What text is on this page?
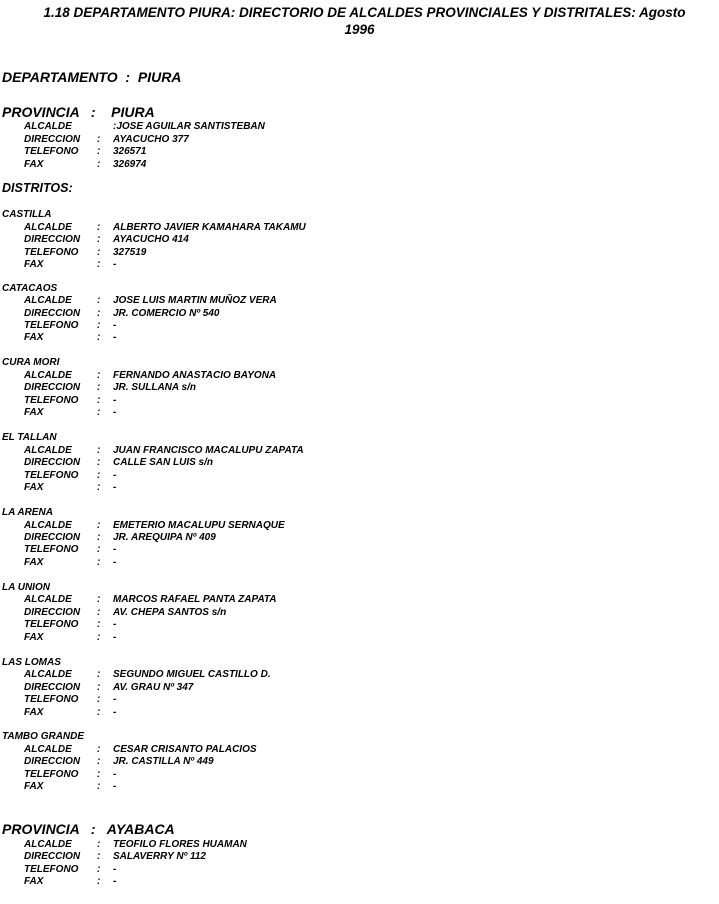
1.18 DEPARTAMENTO PIURA: DIRECTORIO DE ALCALDES PROVINCIALES Y DISTRITALES: Agosto
1996
DEPARTAMENTO  :  PIURA
PROVINCIA   :    PIURA
ALCALDE	:JOSE AGUILAR SANTISTEBAN
DIRECCION : AYACUCHO 377
TELEFONO : 326571
FAX	: 326974
DISTRITOS:
CASTILLA
ALCALDE	: ALBERTO JAVIER KAMAHARA TAKAMU
DIRECCION : AYACUCHO 414
TELEFONO : 327519
FAX	: -
CATACAOS
ALCALDE	: JOSE LUIS MARTIN MUÑOZ VERA
DIRECCION : JR. COMERCIO Nº 540
TELEFONO : -
FAX	: -
CURA MORI
ALCALDE	: FERNANDO ANASTACIO BAYONA
DIRECCION : JR. SULLANA s/n
TELEFONO : -
FAX	: -
EL TALLAN
ALCALDE	: JUAN FRANCISCO MACALUPU ZAPATA
DIRECCION : CALLE SAN LUIS s/n
TELEFONO : -
FAX	: -
LA ARENA
ALCALDE	: EMETERIO MACALUPU SERNAQUE
DIRECCION : JR. AREQUIPA Nº 409
TELEFONO : -
FAX	: -
LA UNION
ALCALDE	: MARCOS RAFAEL PANTA ZAPATA
DIRECCION : AV. CHEPA SANTOS s/n
TELEFONO : -
FAX	: -
LAS LOMAS
ALCALDE	: SEGUNDO MIGUEL CASTILLO D.
DIRECCION : AV. GRAU Nº 347
TELEFONO : -
FAX	: -
TAMBO GRANDE
ALCALDE	: CESAR CRISANTO PALACIOS
DIRECCION : JR. CASTILLA Nº 449
TELEFONO : -
FAX	: -
PROVINCIA   :   AYABACA
ALCALDE	: TEOFILO FLORES HUAMAN
DIRECCION : SALAVERRY Nº 112
TELEFONO : -
FAX	: -
